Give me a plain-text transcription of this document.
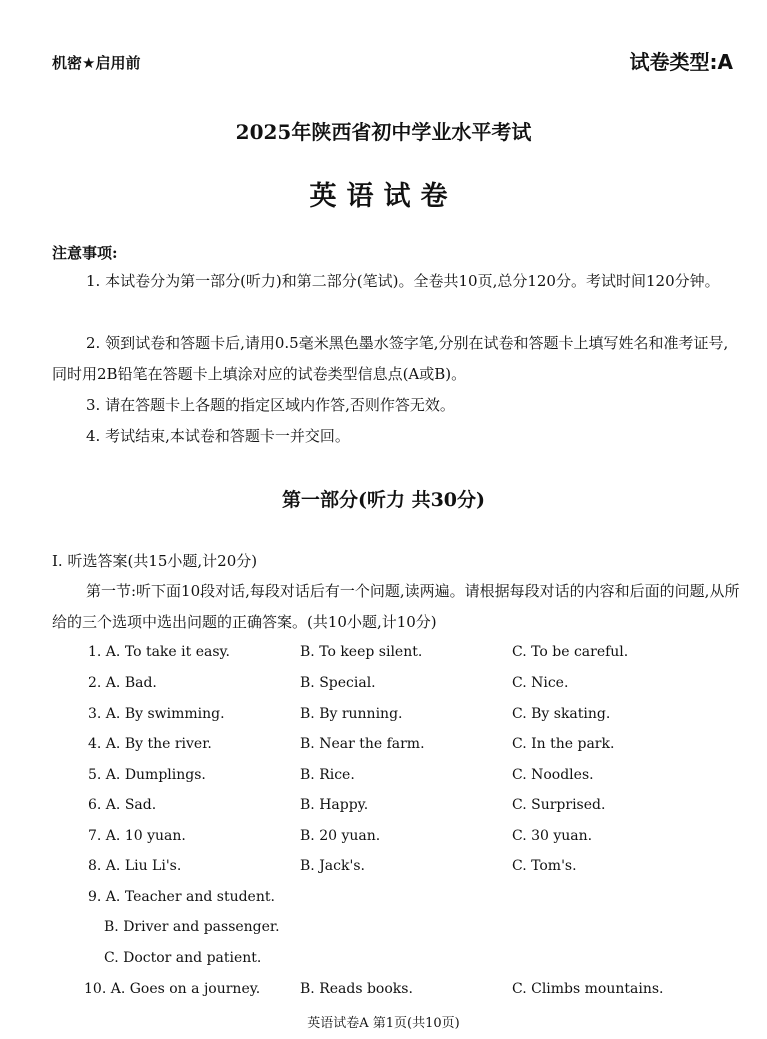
机密★启用前	试卷类型:A
2025年陕西省初中学业水平考试
英语试卷
注意事项:
1. 本试卷分为第一部分(听力)和第二部分(笔试)。全卷共10页,总分120分。考试时间120分钟。
2. 领到试卷和答题卡后,请用0.5毫米黑色墨水签字笔,分别在试卷和答题卡上填写姓名和准考证号,同时用2B铅笔在答题卡上填涂对应的试卷类型信息点(A或B)。
3. 请在答题卡上各题的指定区域内作答,否则作答无效。
4. 考试结束,本试卷和答题卡一并交回。
第一部分(听力 共30分)
Ⅰ. 听选答案(共15小题,计20分)
第一节:听下面10段对话,每段对话后有一个问题,读两遍。请根据每段对话的内容和后面的问题,从所给的三个选项中选出问题的正确答案。(共10小题,计10分)
1. A. To take it easy.	B. To keep silent.	C. To be careful.
2. A. Bad.	B. Special.	C. Nice.
3. A. By swimming.	B. By running.	C. By skating.
4. A. By the river.	B. Near the farm.	C. In the park.
5. A. Dumplings.	B. Rice.	C. Noodles.
6. A. Sad.	B. Happy.	C. Surprised.
7. A. 10 yuan.	B. 20 yuan.	C. 30 yuan.
8. A. Liu Li's.	B. Jack's.	C. Tom's.
9. A. Teacher and student.
B. Driver and passenger.
C. Doctor and patient.
10. A. Goes on a journey.	B. Reads books.	C. Climbs mountains.
英语试卷A 第1页(共10页)
